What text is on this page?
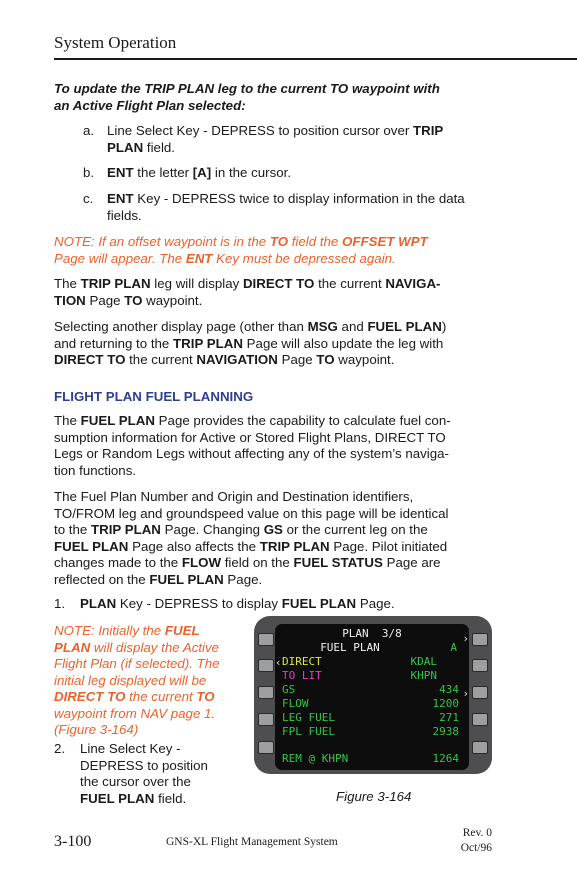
System Operation
To update the TRIP PLAN leg to the current TO waypoint with
an Active Flight Plan selected:
a. Line Select Key - DEPRESS to position cursor over TRIP
PLAN field.
b. ENT the letter [A] in the cursor.
c. ENT Key - DEPRESS twice to display information in the data
fields.
NOTE: If an offset waypoint is in the TO field the OFFSET WPT
Page will appear. The ENT Key must be depressed again.
The TRIP PLAN leg will display DIRECT TO the current NAVIGA-
TION Page TO waypoint.
Selecting another display page (other than MSG and FUEL PLAN)
and returning to the TRIP PLAN Page will also update the leg with
DIRECT TO the current NAVIGATION Page TO waypoint.
FLIGHT PLAN FUEL PLANNING
The FUEL PLAN Page provides the capability to calculate fuel con-
sumption information for Active or Stored Flight Plans, DIRECT TO
Legs or Random Legs without affecting any of the system’s naviga-
tion functions.
The Fuel Plan Number and Origin and Destination identifiers,
TO/FROM leg and groundspeed value on this page will be identical
to the TRIP PLAN Page. Changing GS or the current leg on the
FUEL PLAN Page also affects the TRIP PLAN Page. Pilot initiated
changes made to the FLOW field on the FUEL STATUS Page are
reflected on the FUEL PLAN Page.
1. PLAN Key - DEPRESS to display FUEL PLAN Page.
NOTE: Initially the FUEL
PLAN will display the Active
Flight Plan (if selected). The
initial leg displayed will be
DIRECT TO the current TO
waypoint from NAV page 1.
(Figure 3-164)
2. Line Select Key -
DEPRESS to position
the cursor over the
FUEL PLAN field.
PLAN  3/8
FUEL PLAN	A
DIRECT	KDAL
TO LIT	KHPN
GS	434
FLOW	1200
LEG FUEL	271
FPL FUEL	2938
REM @ KHPN	1264
›
‹
›
Figure 3-164
3-100	GNS-XL Flight Management System
Rev. 0
Oct/96
